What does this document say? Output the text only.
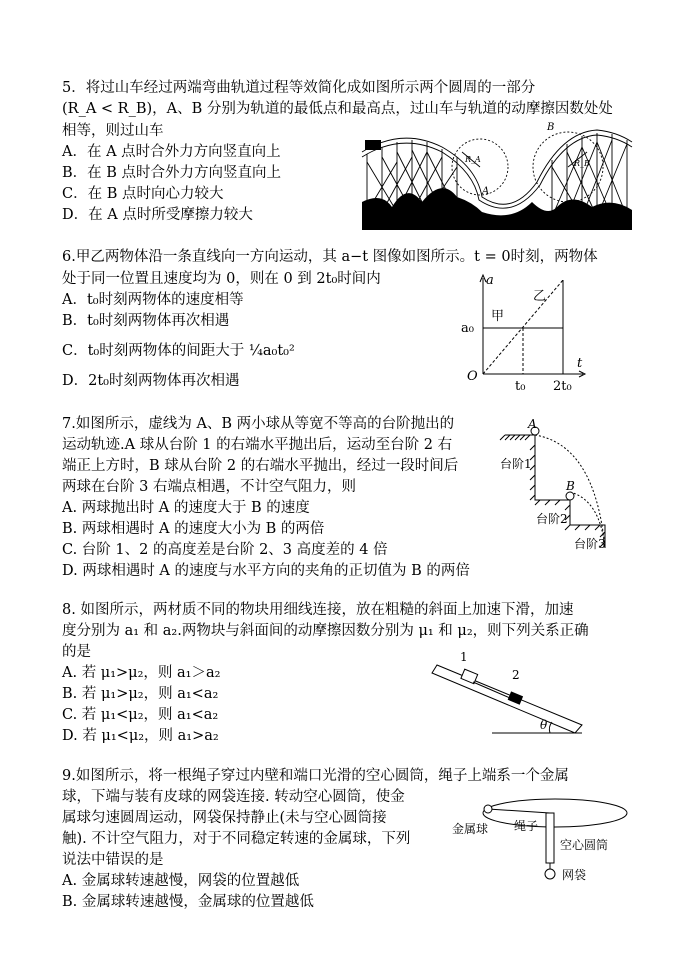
5．将过山车经过两端弯曲轨道过程等效简化成如图所示两个圆周的一部分
(R_A < R_B)，A、B 分别为轨道的最低点和最高点，过山车与轨道的动摩擦因数处处
相等，则过山车
A．在 A 点时合外力方向竖直向上
B．在 B 点时合外力方向竖直向上
C．在 B 点时向心力较大
D．在 A 点时所受摩擦力较大
A
B
R_A	R_B
6.甲乙两物体沿一条直线向一方向运动，其 a−t 图像如图所示。t = 0时刻，两物体
处于同一位置且速度均为 0，则在 0 到 2t₀时间内
A．t₀时刻两物体的速度相等
B．t₀时刻两物体再次相遇
C．t₀时刻两物体的间距大于 ¼a₀t₀²
D．2t₀时刻两物体再次相遇
a
t
O
甲
乙
a₀
t₀ 2t₀
7.如图所示，虚线为 A、B 两小球从等宽不等高的台阶抛出的
运动轨迹.A 球从台阶 1 的右端水平抛出后，运动至台阶 2 右
端正上方时，B 球从台阶 2 的右端水平抛出，经过一段时间后
两球在台阶 3 右端点相遇，不计空气阻力，则
A. 两球抛出时 A 的速度大于 B 的速度
B. 两球相遇时 A 的速度大小为 B 的两倍
C. 台阶 1、2 的高度差是台阶 2、3 高度差的 4 倍
D. 两球相遇时 A 的速度与水平方向的夹角的正切值为 B 的两倍
A
B
台阶1
台阶2
台阶3
8. 如图所示，两材质不同的物块用细线连接，放在粗糙的斜面上加速下滑，加速
度分别为 a₁ 和 a₂.两物块与斜面间的动摩擦因数分别为 μ₁ 和 μ₂，则下列关系正确
的是
A. 若 μ₁>μ₂，则 a₁＞a₂
B. 若 μ₁>μ₂，则 a₁<a₂
C. 若 μ₁<μ₂，则 a₁<a₂
D. 若 μ₁<μ₂，则 a₁>a₂
1
2
θ
9.如图所示，将一根绳子穿过内壁和端口光滑的空心圆筒，绳子上端系一个金属
球，下端与装有皮球的网袋连接. 转动空心圆筒，使金
属球匀速圆周运动，网袋保持静止(未与空心圆筒接
触). 不计空气阻力，对于不同稳定转速的金属球，下列
说法中错误的是
A. 金属球转速越慢，网袋的位置越低
B. 金属球转速越慢，金属球的位置越低
绳子
金属球
空心圆筒
网袋
